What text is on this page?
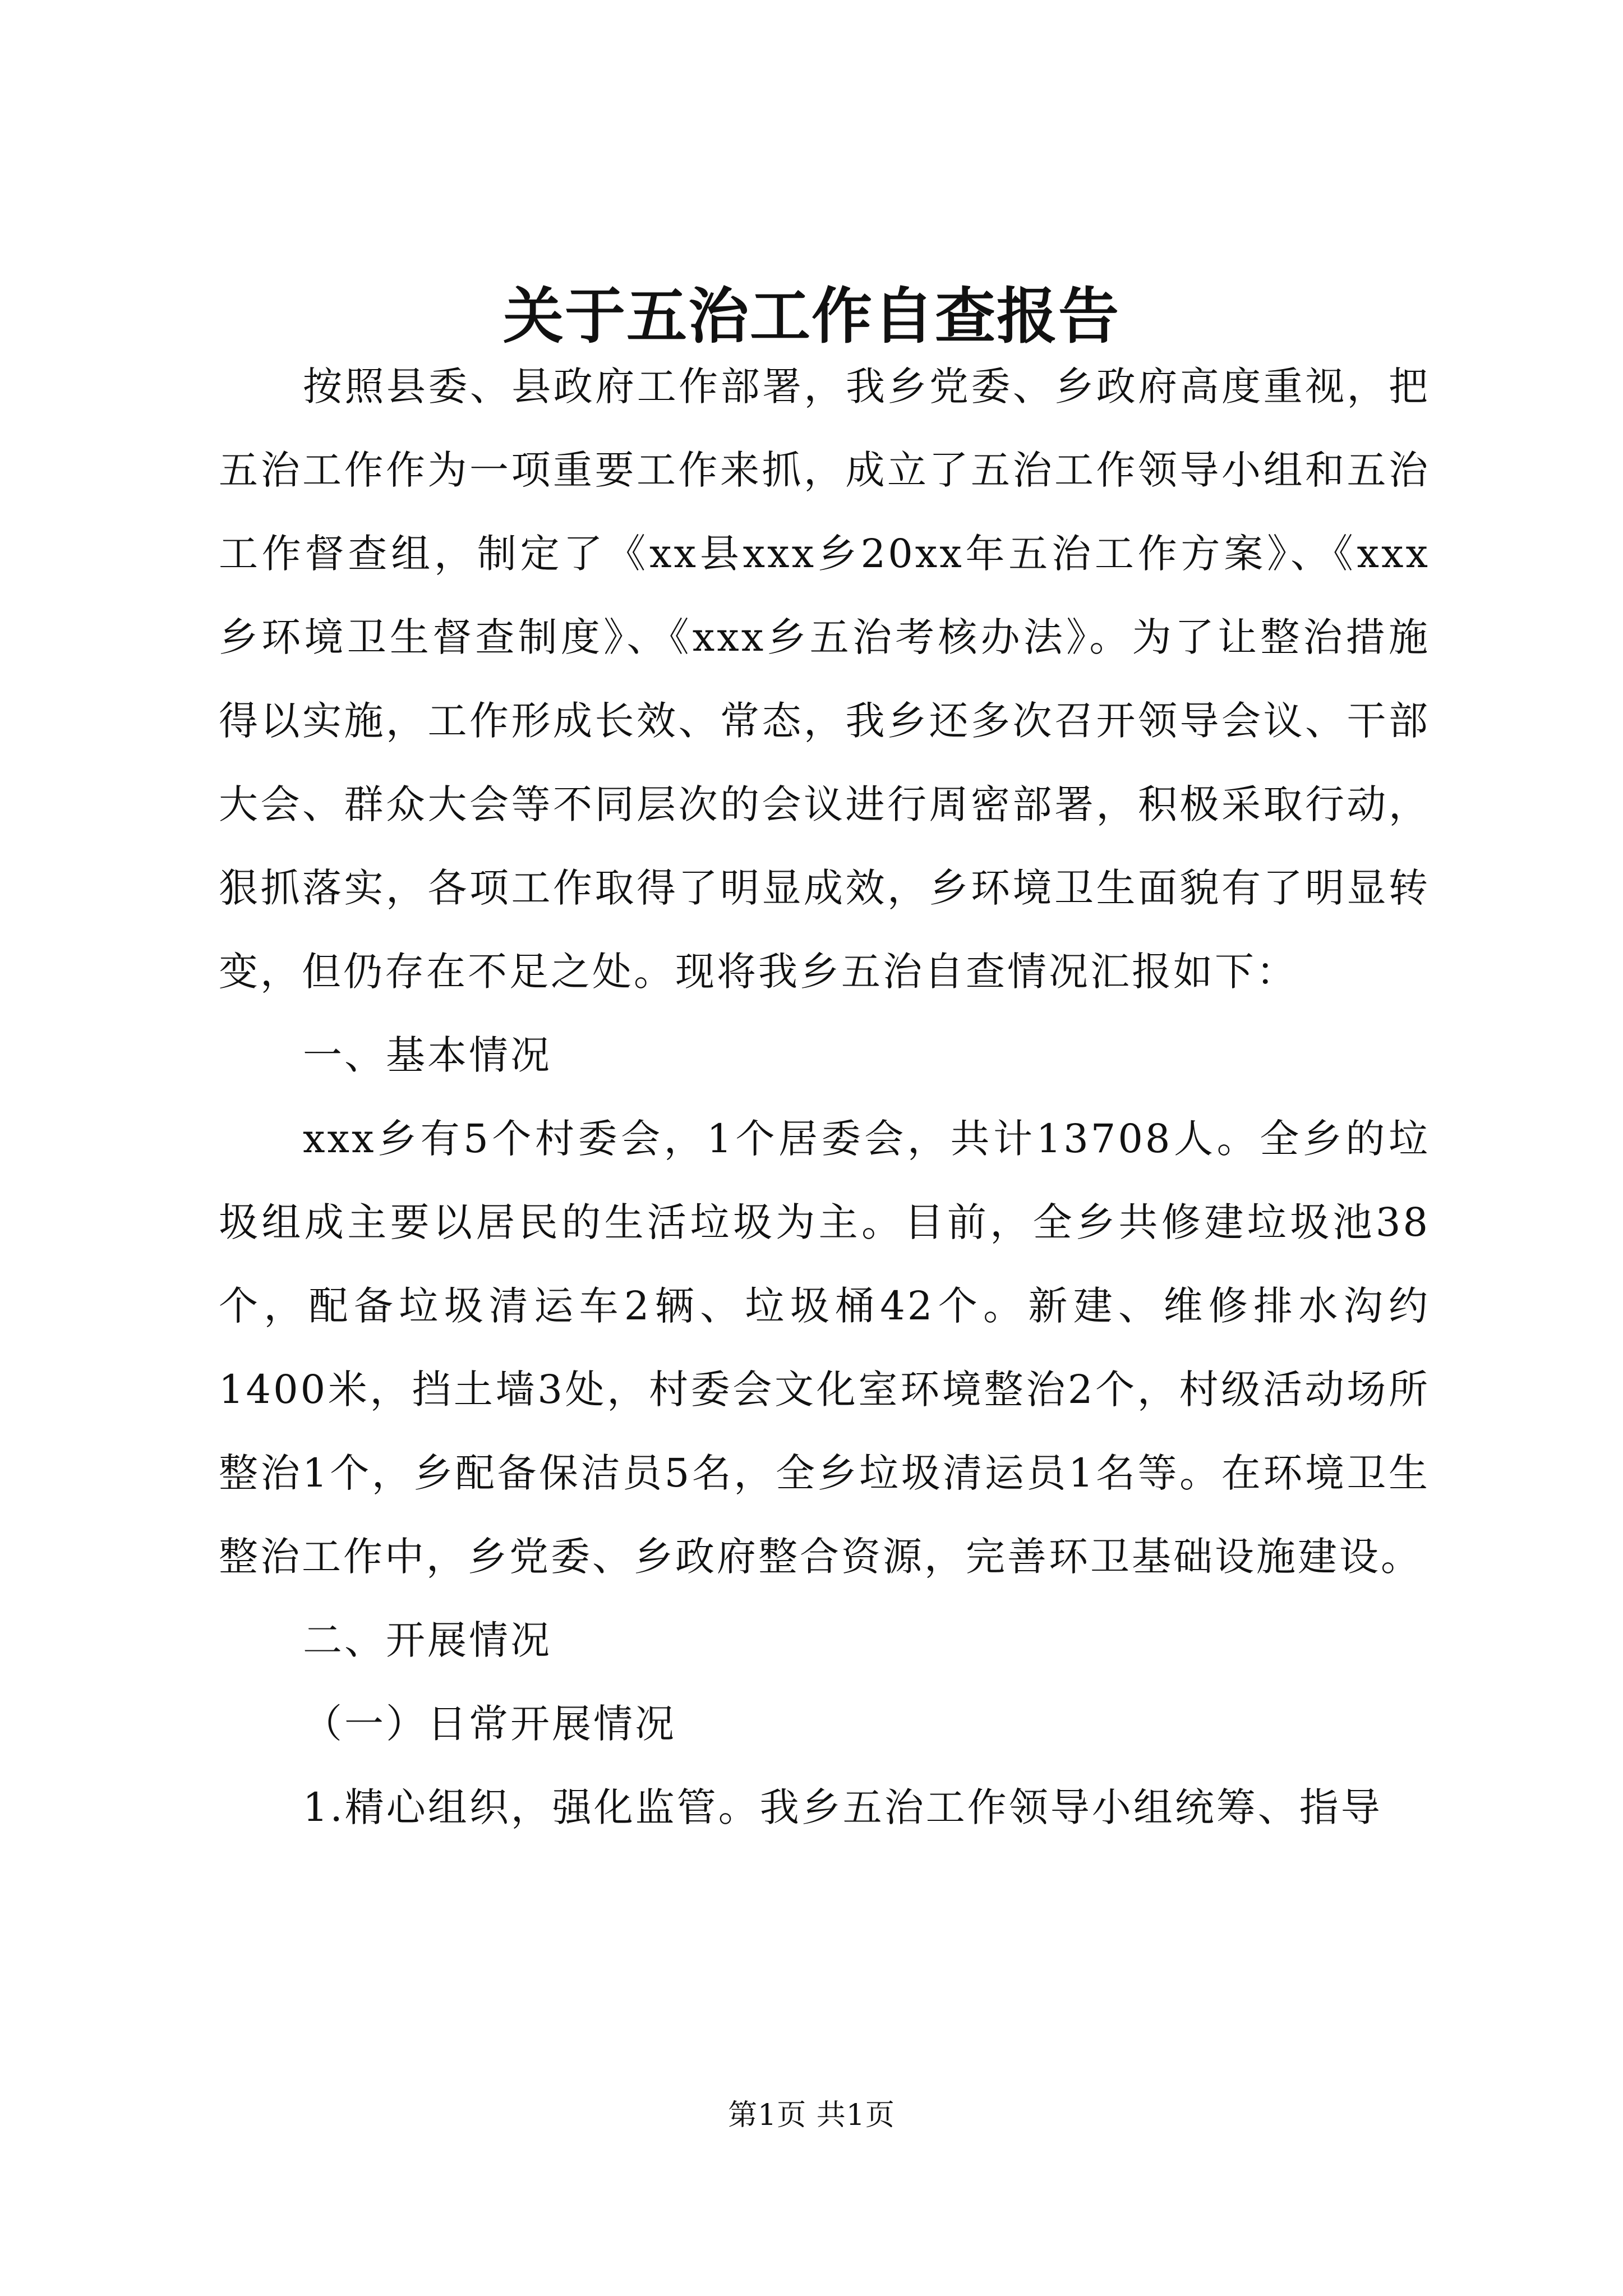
关于五治工作自查报告

按照县委、县政府工作部署，我乡党委、乡政府高度重视，把五治工作作为一项重要工作来抓，成立了五治工作领导小组和五治工作督查组，制定了《xx县xxx乡20xx年五治工作方案》、《xxx乡环境卫生督查制度》、《xxx乡五治考核办法》。为了让整治措施得以实施，工作形成长效、常态，我乡还多次召开领导会议、干部大会、群众大会等不同层次的会议进行周密部署，积极采取行动，狠抓落实，各项工作取得了明显成效，乡环境卫生面貌有了明显转变，但仍存在不足之处。现将我乡五治自查情况汇报如下：

一、基本情况

xxx乡有5个村委会，1个居委会，共计13708人。全乡的垃圾组成主要以居民的生活垃圾为主。目前，全乡共修建垃圾池38个，配备垃圾清运车2辆、垃圾桶42个。新建、维修排水沟约1400米，挡土墙3处，村委会文化室环境整治2个，村级活动场所整治1个，乡配备保洁员5名，全乡垃圾清运员1名等。在环境卫生整治工作中，乡党委、乡政府整合资源，完善环卫基础设施建设。

二、开展情况

（一）日常开展情况

1.精心组织，强化监管。我乡五治工作领导小组统筹、指导

第1页 共1页
